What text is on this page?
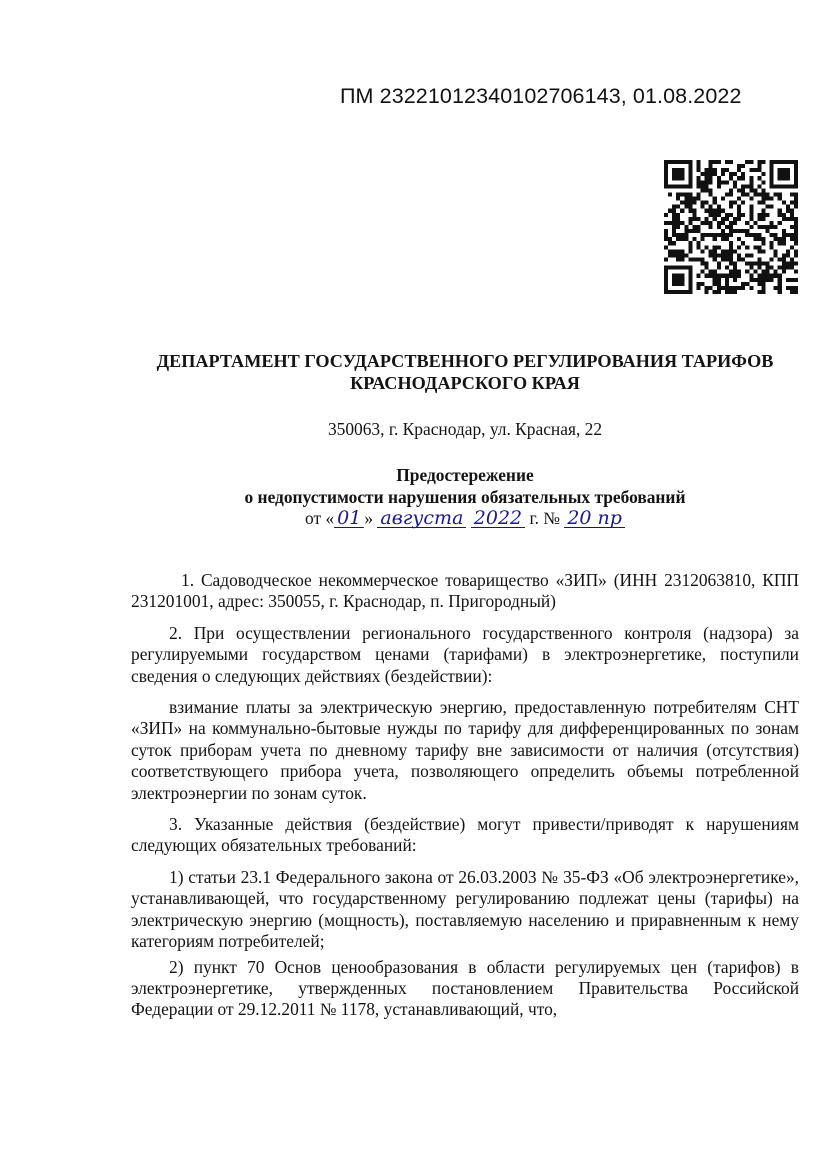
ПМ 23221012340102706143, 01.08.2022
ДЕПАРТАМЕНТ ГОСУДАРСТВЕННОГО РЕГУЛИРОВАНИЯ ТАРИФОВ
КРАСНОДАРСКОГО КРАЯ
350063, г. Краснодар, ул. Красная, 22
Предостережение
о недопустимости нарушения обязательных требований
от « 01 » августа 2022 г. № 20 пр

1. Садоводческое некоммерческое товарищество «ЗИП» (ИНН 2312063810, КПП 231201001, адрес: 350055, г. Краснодар, п. Пригородный)

2. При осуществлении регионального государственного контроля (надзора) за регулируемыми государством ценами (тарифами) в электроэнергетике, поступили сведения о следующих действиях (бездействии):

взимание платы за электрическую энергию, предоставленную потребителям СНТ «ЗИП» на коммунально-бытовые нужды по тарифу для дифференцированных по зонам суток приборам учета по дневному тарифу вне зависимости от наличия (отсутствия) соответствующего прибора учета, позволяющего определить объемы потребленной электроэнергии по зонам суток.

3. Указанные действия (бездействие) могут привести/приводят к нарушениям следующих обязательных требований:

1) статьи 23.1 Федерального закона от 26.03.2003 № 35-ФЗ «Об электроэнергетике», устанавливающей, что государственному регулированию подлежат цены (тарифы) на электрическую энергию (мощность), поставляемую населению и приравненным к нему категориям потребителей;

2) пункт 70 Основ ценообразования в области регулируемых цен (тарифов) в электроэнергетике, утвержденных постановлением Правительства Российской Федерации от 29.12.2011 № 1178, устанавливающий, что,
